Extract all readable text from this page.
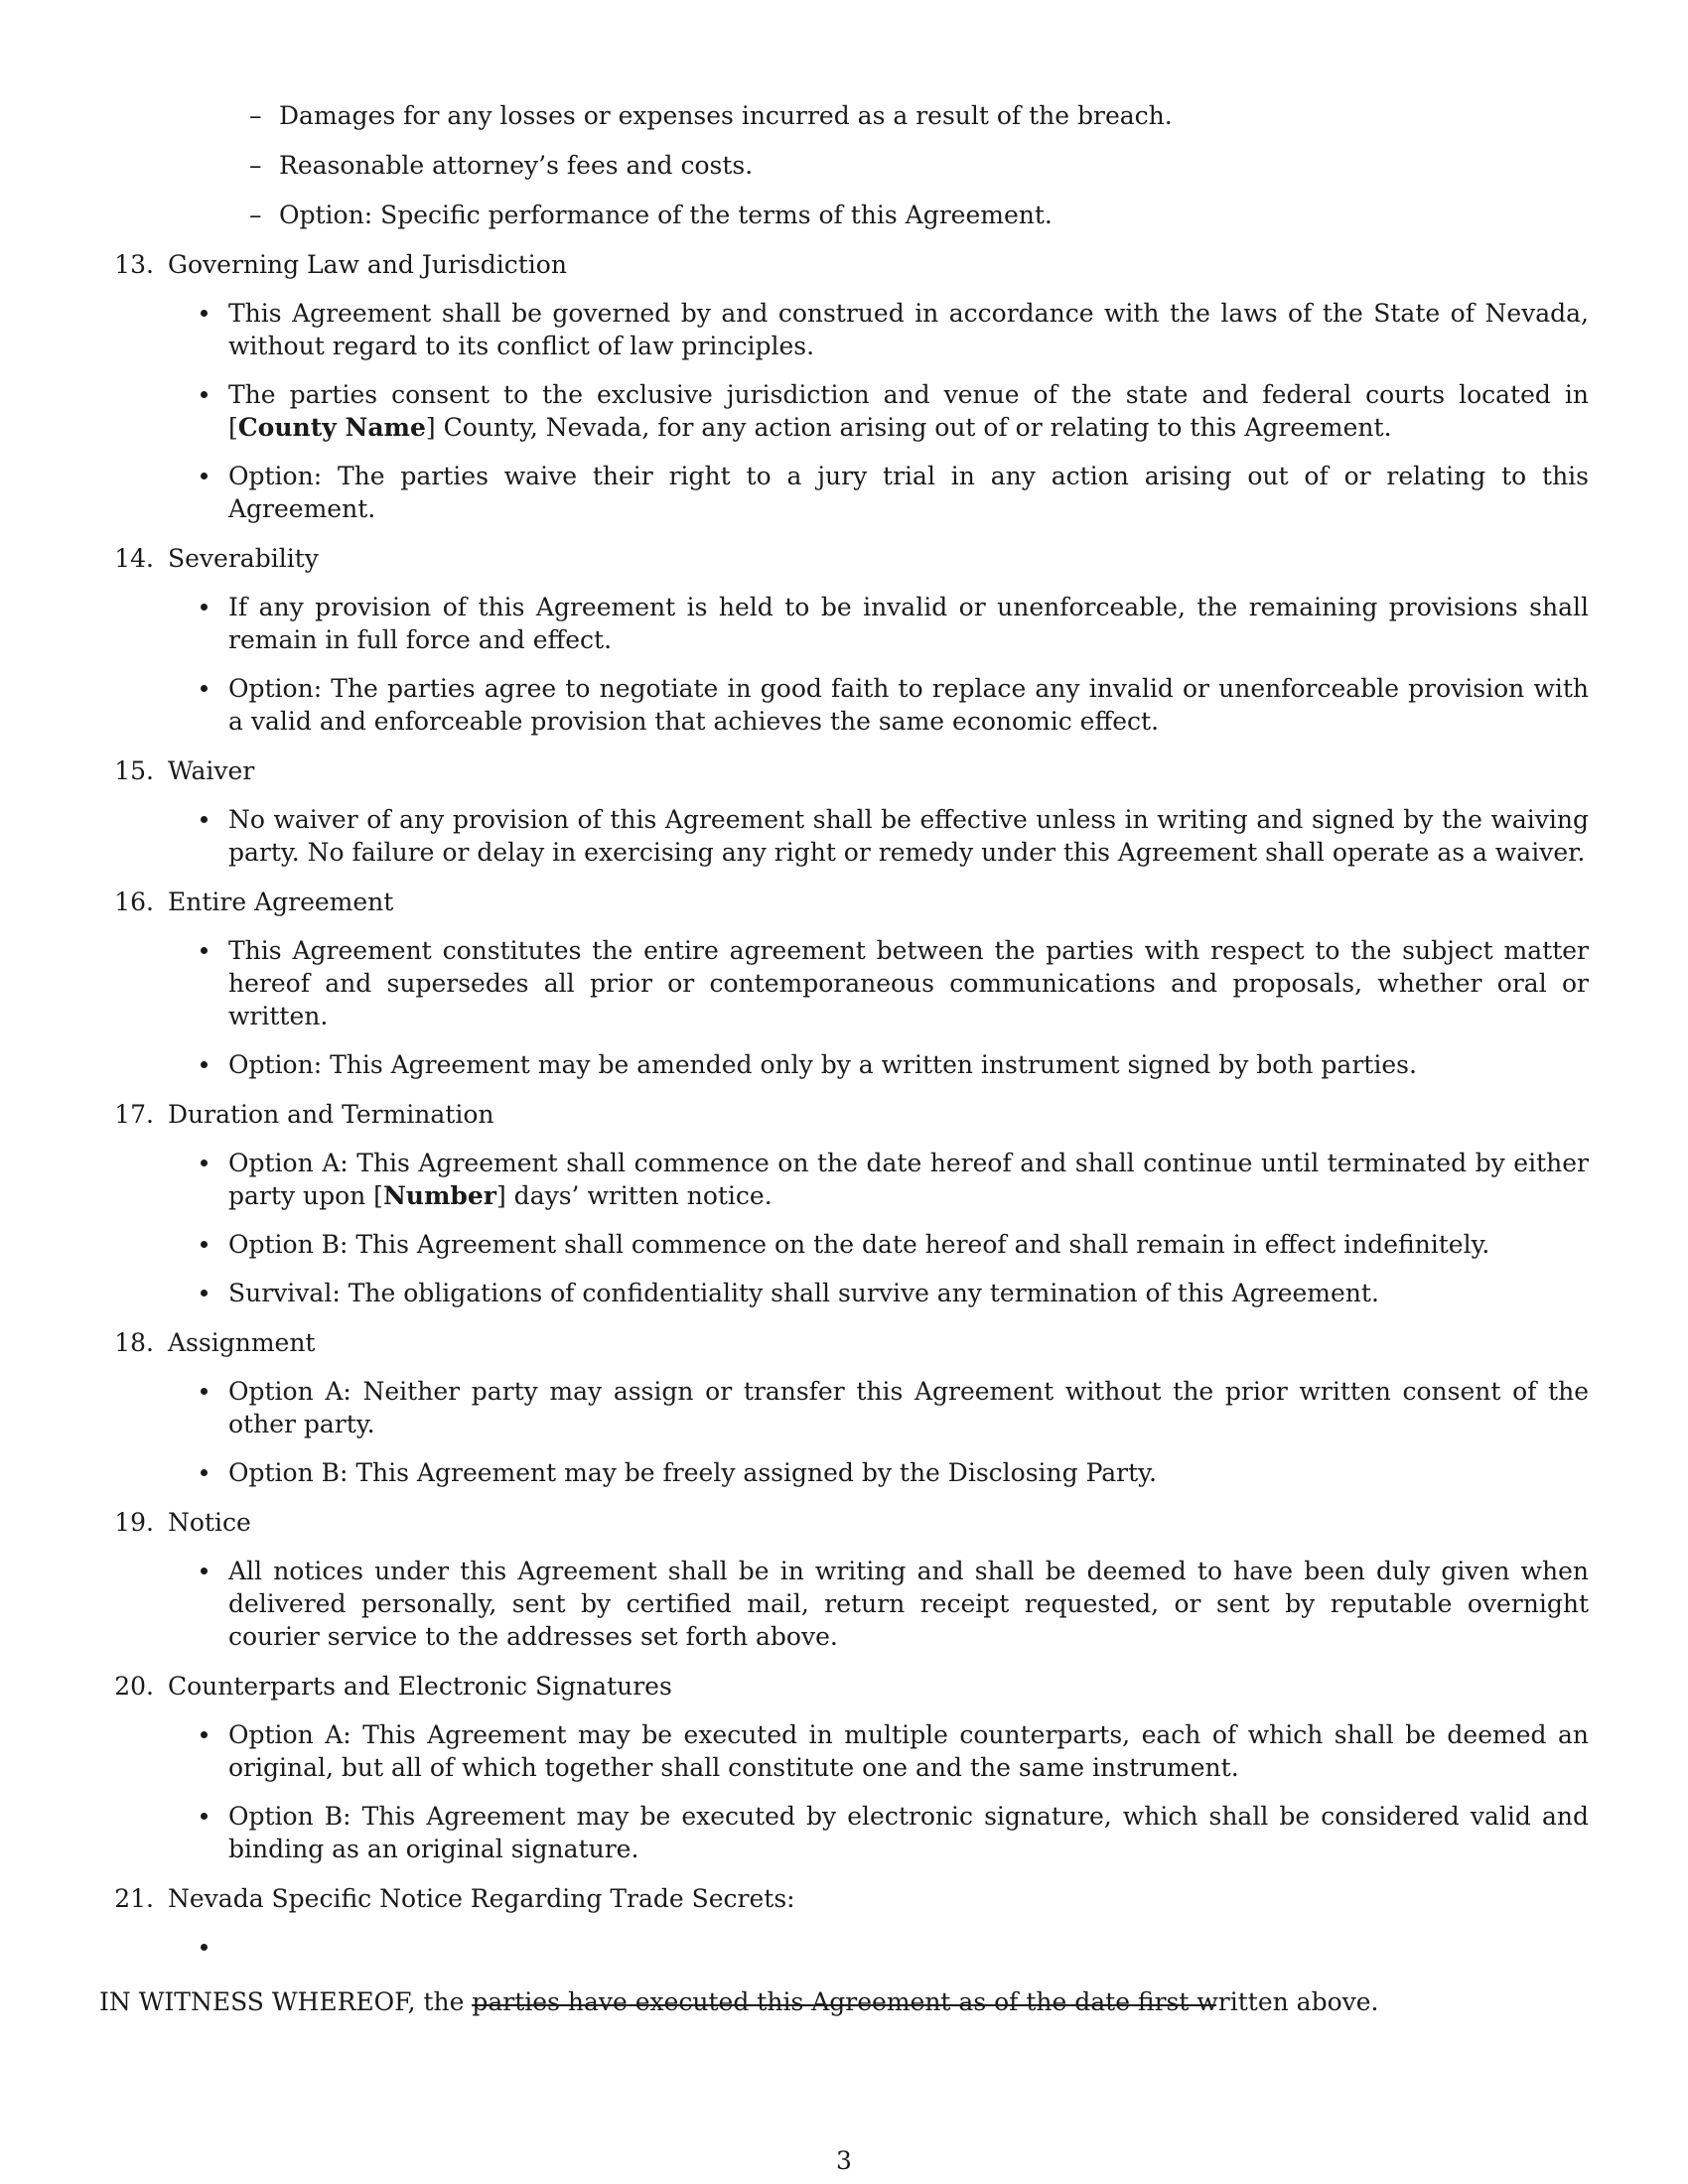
– Damages for any losses or expenses incurred as a result of the breach.
– Reasonable attorney’s fees and costs.
– Option: Specific performance of the terms of this Agreement.
13. Governing Law and Jurisdiction
This Agreement shall be governed by and construed in accordance with the laws of the State of Nevada, without regard to its conflict of law principles.
The parties consent to the exclusive jurisdiction and venue of the state and federal courts located in [County Name] County, Nevada, for any action arising out of or relating to this Agreement.
Option: The parties waive their right to a jury trial in any action arising out of or relating to this Agreement.
14. Severability
If any provision of this Agreement is held to be invalid or unenforceable, the remaining provisions shall remain in full force and effect.
Option: The parties agree to negotiate in good faith to replace any invalid or unenforceable provision with a valid and enforceable provision that achieves the same economic effect.
15. Waiver
No waiver of any provision of this Agreement shall be effective unless in writing and signed by the waiving party. No failure or delay in exercising any right or remedy under this Agreement shall operate as a waiver.
16. Entire Agreement
This Agreement constitutes the entire agreement between the parties with respect to the subject matter hereof and supersedes all prior or contemporaneous communications and proposals, whether oral or written.
Option: This Agreement may be amended only by a written instrument signed by both parties.
17. Duration and Termination
Option A: This Agreement shall commence on the date hereof and shall continue until terminated by either party upon [Number] days’ written notice.
Option B: This Agreement shall commence on the date hereof and shall remain in effect indefinitely.
Survival: The obligations of confidentiality shall survive any termination of this Agreement.
18. Assignment
Option A: Neither party may assign or transfer this Agreement without the prior written consent of the other party.
Option B: This Agreement may be freely assigned by the Disclosing Party.
19. Notice
All notices under this Agreement shall be in writing and shall be deemed to have been duly given when delivered personally, sent by certified mail, return receipt requested, or sent by reputable overnight courier service to the addresses set forth above.
20. Counterparts and Electronic Signatures
Option A: This Agreement may be executed in multiple counterparts, each of which shall be deemed an original, but all of which together shall constitute one and the same instrument.
Option B: This Agreement may be executed by electronic signature, which shall be considered valid and binding as an original signature.
21. Nevada Specific Notice Regarding Trade Secrets:
IN WITNESS WHEREOF, the parties have executed this Agreement as of the date first written above.
3
